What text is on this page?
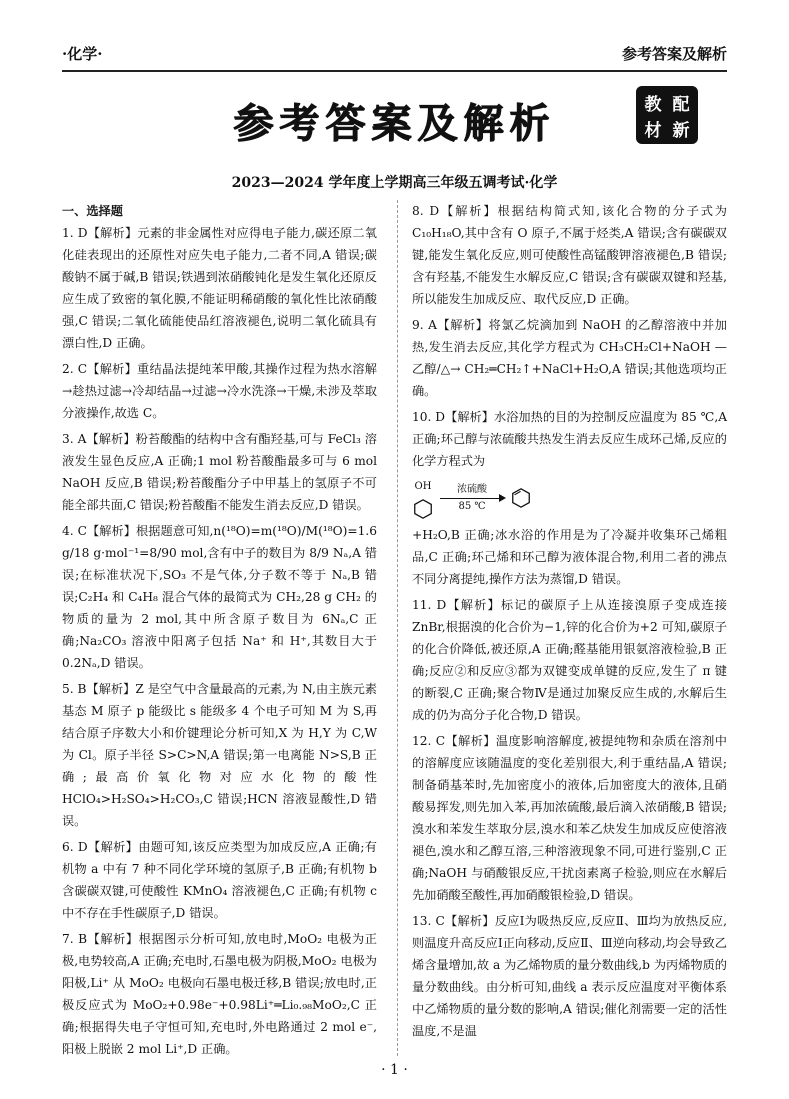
·化学·	参考答案及解析
参考答案及解析	教 配
材 新
2023—2024 学年度上学期高三年级五调考试·化学
一、选择题
1. D【解析】元素的非金属性对应得电子能力,碳还原二氧化硅表现出的还原性对应失电子能力,二者不同,A 错误;碳酸钠不属于碱,B 错误;铁遇到浓硝酸钝化是发生氧化还原反应生成了致密的氧化膜,不能证明稀硝酸的氧化性比浓硝酸强,C 错误;二氧化硫能使品红溶液褪色,说明二氧化硫具有漂白性,D 正确。
2. C【解析】重结晶法提纯苯甲酸,其操作过程为热水溶解→趁热过滤→冷却结晶→过滤→冷水洗涤→干燥,未涉及萃取分液操作,故选 C。
3. A【解析】粉苔酸酯的结构中含有酯羟基,可与 FeCl₃ 溶液发生显色反应,A 正确;1 mol 粉苔酸酯最多可与 6 mol NaOH 反应,B 错误;粉苔酸酯分子中甲基上的氢原子不可能全部共面,C 错误;粉苔酸酯不能发生消去反应,D 错误。
4. C【解析】根据题意可知,n(¹⁸O)=m(¹⁸O)/M(¹⁸O)=1.6 g/18 g·mol⁻¹=8/90 mol,含有中子的数目为 8/9 Nₐ,A 错误;在标准状况下,SO₃ 不是气体,分子数不等于 Nₐ,B 错误;C₂H₄ 和 C₄H₈ 混合气体的最简式为 CH₂,28 g CH₂ 的物质的量为 2 mol,其中所含原子数目为 6Nₐ,C 正确;Na₂CO₃ 溶液中阳离子包括 Na⁺ 和 H⁺,其数目大于 0.2Nₐ,D 错误。
5. B【解析】Z 是空气中含量最高的元素,为 N,由主族元素基态 M 原子 p 能级比 s 能级多 4 个电子可知 M 为 S,再结合原子序数大小和价键理论分析可知,X 为 H,Y 为 C,W 为 Cl。原子半径 S>C>N,A 错误;第一电离能 N>S,B 正确;最高价氧化物对应水化物的酸性 HClO₄>H₂SO₄>H₂CO₃,C 错误;HCN 溶液显酸性,D 错误。
6. D【解析】由题可知,该反应类型为加成反应,A 正确;有机物 a 中有 7 种不同化学环境的氢原子,B 正确;有机物 b 含碳碳双键,可使酸性 KMnO₄ 溶液褪色,C 正确;有机物 c 中不存在手性碳原子,D 错误。
7. B【解析】根据图示分析可知,放电时,MoO₂ 电极为正极,电势较高,A 正确;充电时,石墨电极为阴极,MoO₂ 电极为阳极,Li⁺ 从 MoO₂ 电极向石墨电极迁移,B 错误;放电时,正极反应式为 MoO₂+0.98e⁻+0.98Li⁺═Li₀.₉₈MoO₂,C 正确;根据得失电子守恒可知,充电时,外电路通过 2 mol e⁻,阳极上脱嵌 2 mol Li⁺,D 正确。
8. D【解析】根据结构简式知,该化合物的分子式为 C₁₀H₁₈O,其中含有 O 原子,不属于烃类,A 错误;含有碳碳双键,能发生氧化反应,则可使酸性高锰酸钾溶液褪色,B 错误;含有羟基,不能发生水解反应,C 错误;含有碳碳双键和羟基,所以能发生加成反应、取代反应,D 正确。
9. A【解析】将氯乙烷滴加到 NaOH 的乙醇溶液中并加热,发生消去反应,其化学方程式为 CH₃CH₂Cl+NaOH —乙醇/△→ CH₂═CH₂↑+NaCl+H₂O,A 错误;其他选项均正确。
10. D【解析】水浴加热的目的为控制反应温度为 85 ℃,A 正确;环己醇与浓硫酸共热发生消去反应生成环己烯,反应的化学方程式为
OH	浓硫酸
85 ℃
+H₂O,B 正确;冰水浴的作用是为了冷凝并收集环己烯粗品,C 正确;环己烯和环己醇为液体混合物,利用二者的沸点不同分离提纯,操作方法为蒸馏,D 错误。
11. D【解析】标记的碳原子上从连接溴原子变成连接 ZnBr,根据溴的化合价为−1,锌的化合价为+2 可知,碳原子的化合价降低,被还原,A 正确;醛基能用银氨溶液检验,B 正确;反应②和反应③都为双键变成单键的反应,发生了 π 键的断裂,C 正确;聚合物Ⅳ是通过加聚反应生成的,水解后生成的仍为高分子化合物,D 错误。
12. C【解析】温度影响溶解度,被提纯物和杂质在溶剂中的溶解度应该随温度的变化差别很大,利于重结晶,A 错误;制备硝基苯时,先加密度小的液体,后加密度大的液体,且硝酸易挥发,则先加入苯,再加浓硫酸,最后滴入浓硝酸,B 错误;溴水和苯发生萃取分层,溴水和苯乙炔发生加成反应使溶液褪色,溴水和乙醇互溶,三种溶液现象不同,可进行鉴别,C 正确;NaOH 与硝酸银反应,干扰卤素离子检验,则应在水解后先加硝酸至酸性,再加硝酸银检验,D 错误。
13. C【解析】反应Ⅰ为吸热反应,反应Ⅱ、Ⅲ均为放热反应,则温度升高反应Ⅰ正向移动,反应Ⅱ、Ⅲ逆向移动,均会导致乙烯含量增加,故 a 为乙烯物质的量分数曲线,b 为丙烯物质的量分数曲线。由分析可知,曲线 a 表示反应温度对平衡体系中乙烯物质的量分数的影响,A 错误;催化剂需要一定的活性温度,不是温
· 1 ·
